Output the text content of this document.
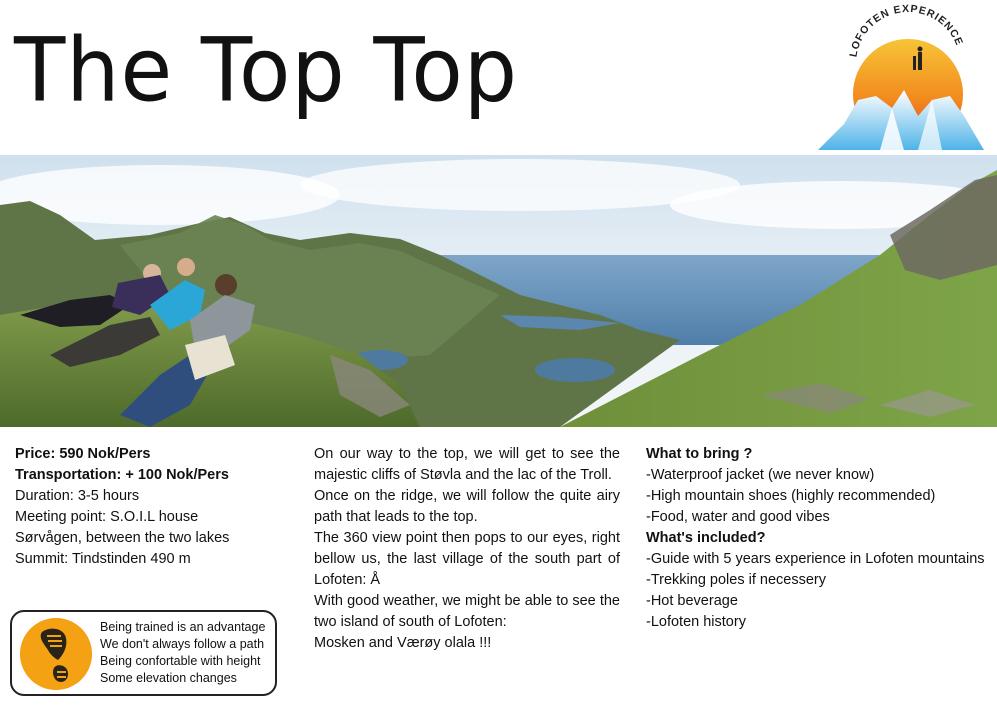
The Top Top	LOFOTEN EXPERIENCE
Price: 590 Nok/Pers
Transportation: + 100 Nok/Pers
Duration: 3-5 hours
Meeting point: S.O.I.L house
Sørvågen, between the two lakes
Summit: Tindstinden 490 m
Being trained is an advantage
We don't always follow a path
Being confortable with height
Some elevation changes
On our way to the top, we will get to see the majestic cliffs of Støvla and the lac of the Troll.
Once on the ridge, we will follow the quite airy path that leads to the top.
The 360 view point then pops to our eyes, right bellow us, the last village of the south part of Lofoten: Å
With good weather, we might be able to see the two island of south of Lofoten:
Mosken and Værøy olala !!!
What to bring ?
-Waterproof jacket (we never know)
-High mountain shoes (highly recommended)
-Food, water and good vibes
What's included?
-Guide with 5 years experience in Lofoten mountains
-Trekking poles if necessery
-Hot beverage
-Lofoten history
